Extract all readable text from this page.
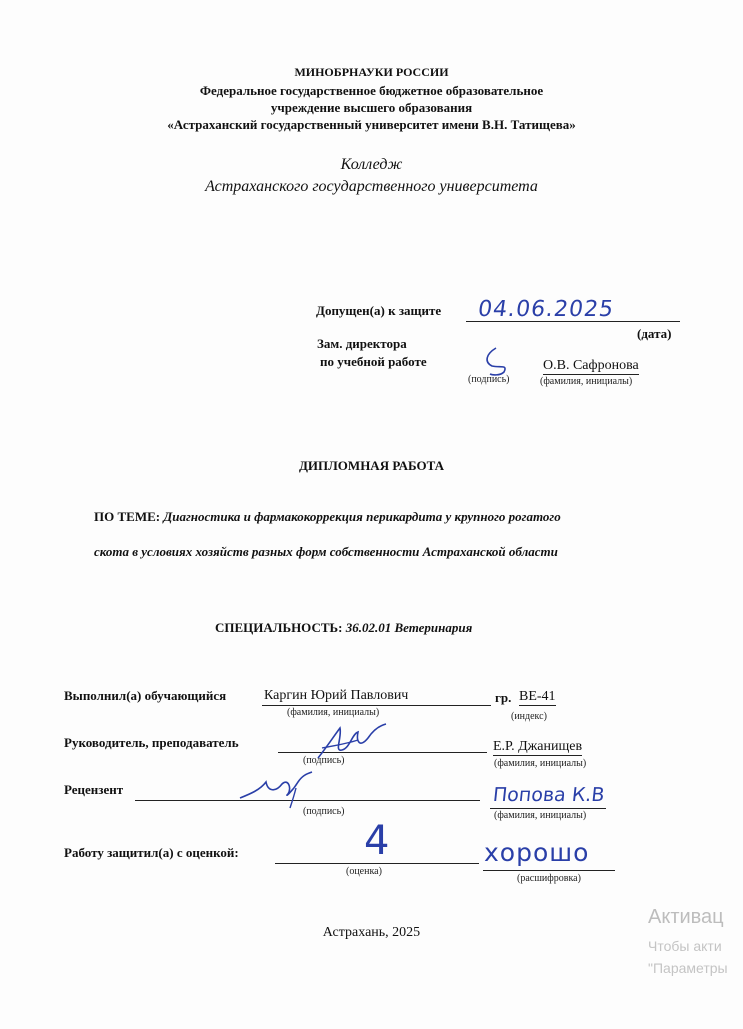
МИНОБРНАУКИ РОССИИ
Федеральное государственное бюджетное образовательное
учреждение высшего образования
«Астраханский государственный университет имени В.Н. Татищева»
Колледж
Астраханского государственного университета
Допущен(а) к защите 04.06.2025
(дата)
Зам. директора
по учебной работе
(подпись)
О.В. Сафронова
(фамилия, инициалы)
ДИПЛОМНАЯ РАБОТА
ПО ТЕМЕ: Диагностика и фармакокоррекция перикардита у крупного рогатого
скота в условиях хозяйств разных форм собственности Астраханской области
СПЕЦИАЛЬНОСТЬ: 36.02.01 Ветеринария
Выполнил(а) обучающийся	Каргин Юрий Павлович
(фамилия, инициалы)
гр. ВЕ-41
(индекс)
Руководитель, преподаватель
(подпись)
Е.Р. Джанищев
(фамилия, инициалы)
Рецензент
(подпись)
Попова К.В
(фамилия, инициалы)
Работу защитил(а) с оценкой:	4
(оценка)
хорошо
(расшифровка)
Астрахань, 2025
Активац
Чтобы акти
"Параметры
